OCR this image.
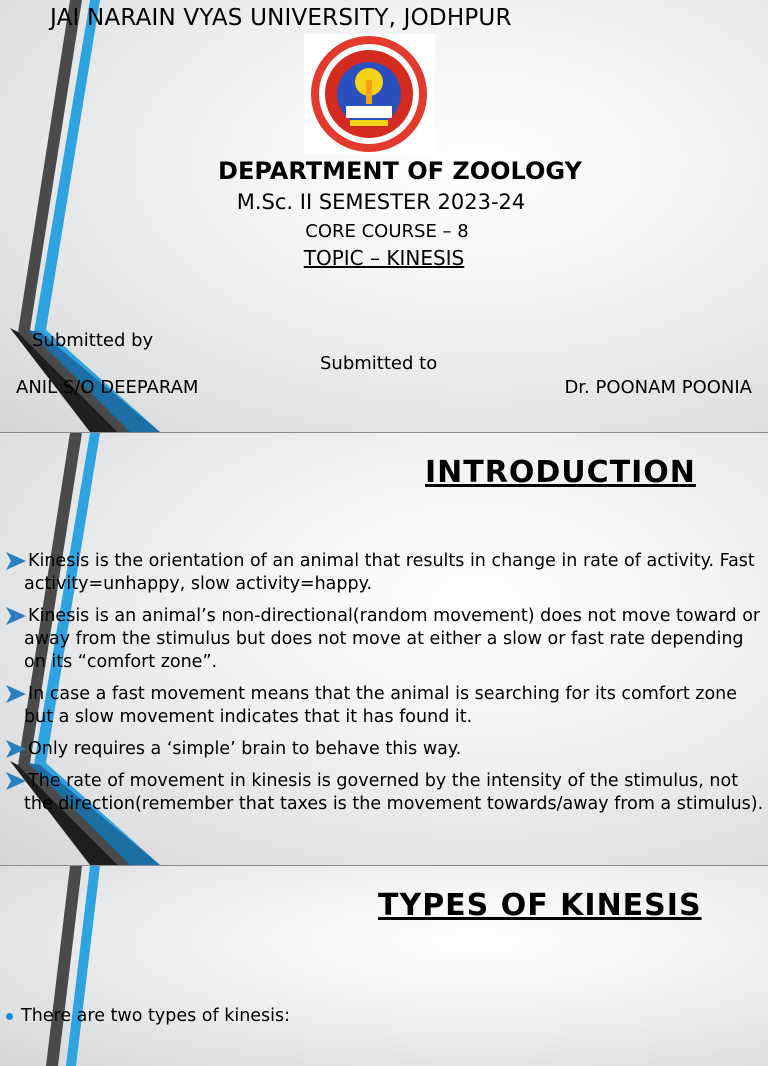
JAI NARAIN VYAS UNIVERSITY, JODHPUR

DEPARTMENT OF ZOOLOGY

M.Sc. II SEMESTER 2023-24

CORE COURSE – 8

TOPIC – KINESIS

Submitted by

Submitted to

ANIL S/O DEEPARAM	Dr. POONAM POONIA

INTRODUCTION

Kinesis is the orientation of an animal that results in change in rate of activity. Fast activity=unhappy, slow activity=happy.
Kinesis is an animal’s non-directional(random movement) does not move toward or away from the stimulus but does not move at either a slow or fast rate depending on its “comfort zone”.
In case a fast movement means that the animal is searching for its comfort zone but a slow movement indicates that it has found it.
Only requires a ‘simple’ brain to behave this way.
The rate of movement in kinesis is governed by the intensity of the stimulus, not the direction(remember that taxes is the movement towards/away from a stimulus).

TYPES OF KINESIS

There are two types of kinesis:
